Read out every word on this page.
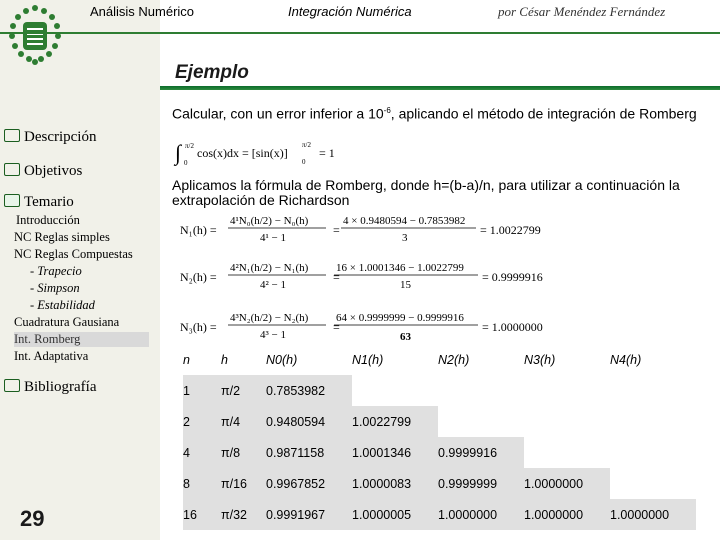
Análisis Numérico	Integración Numérica	por César Menéndez Fernández
Ejemplo
Descripción
Objetivos
Temario
Introducción
NC Reglas simples
NC Reglas Compuestas
- Trapecio
- Simpson
- Estabilidad
Cuadratura Gausiana
Int. Romberg
Int. Adaptativa
Bibliografía
29
Calcular, con un error inferior a $10^{-6}$, aplicando el método de integración de Romberg
∫ π/2
0
cos(x)dx = [sin(x)]
π/2
0
= 1
Aplicamos la fórmula de Romberg, donde h=(b-a)/n, para utilizar a continuación la extrapolación de Richardson
N₁(h) =
4¹N₀(h/2) − N₀(h)
4¹ − 1
=
4 × 0.9480594 − 0.7853982
3
= 1.0022799
N₂(h) =
4²N₁(h/2) − N₁(h)
4² − 1
=
16 × 1.0001346 − 1.0022799
15
= 0.9999916
N₃(h) =
4³N₂(h/2) − N₂(h)
4³ − 1
=
64 × 0.9999999 − 0.9999916
63
= 1.0000000
n	h	N0(h)	N1(h)	N2(h)	N3(h)	N4(h)
1	π/2	0.7853982				
2	π/4	0.9480594	1.0022799			
4	π/8	0.9871158	1.0001346	0.9999916		
8	π/16	0.9967852	1.0000083	0.9999999	1.0000000	
16	π/32	0.9991967	1.0000005	1.0000000	1.0000000	1.0000000
